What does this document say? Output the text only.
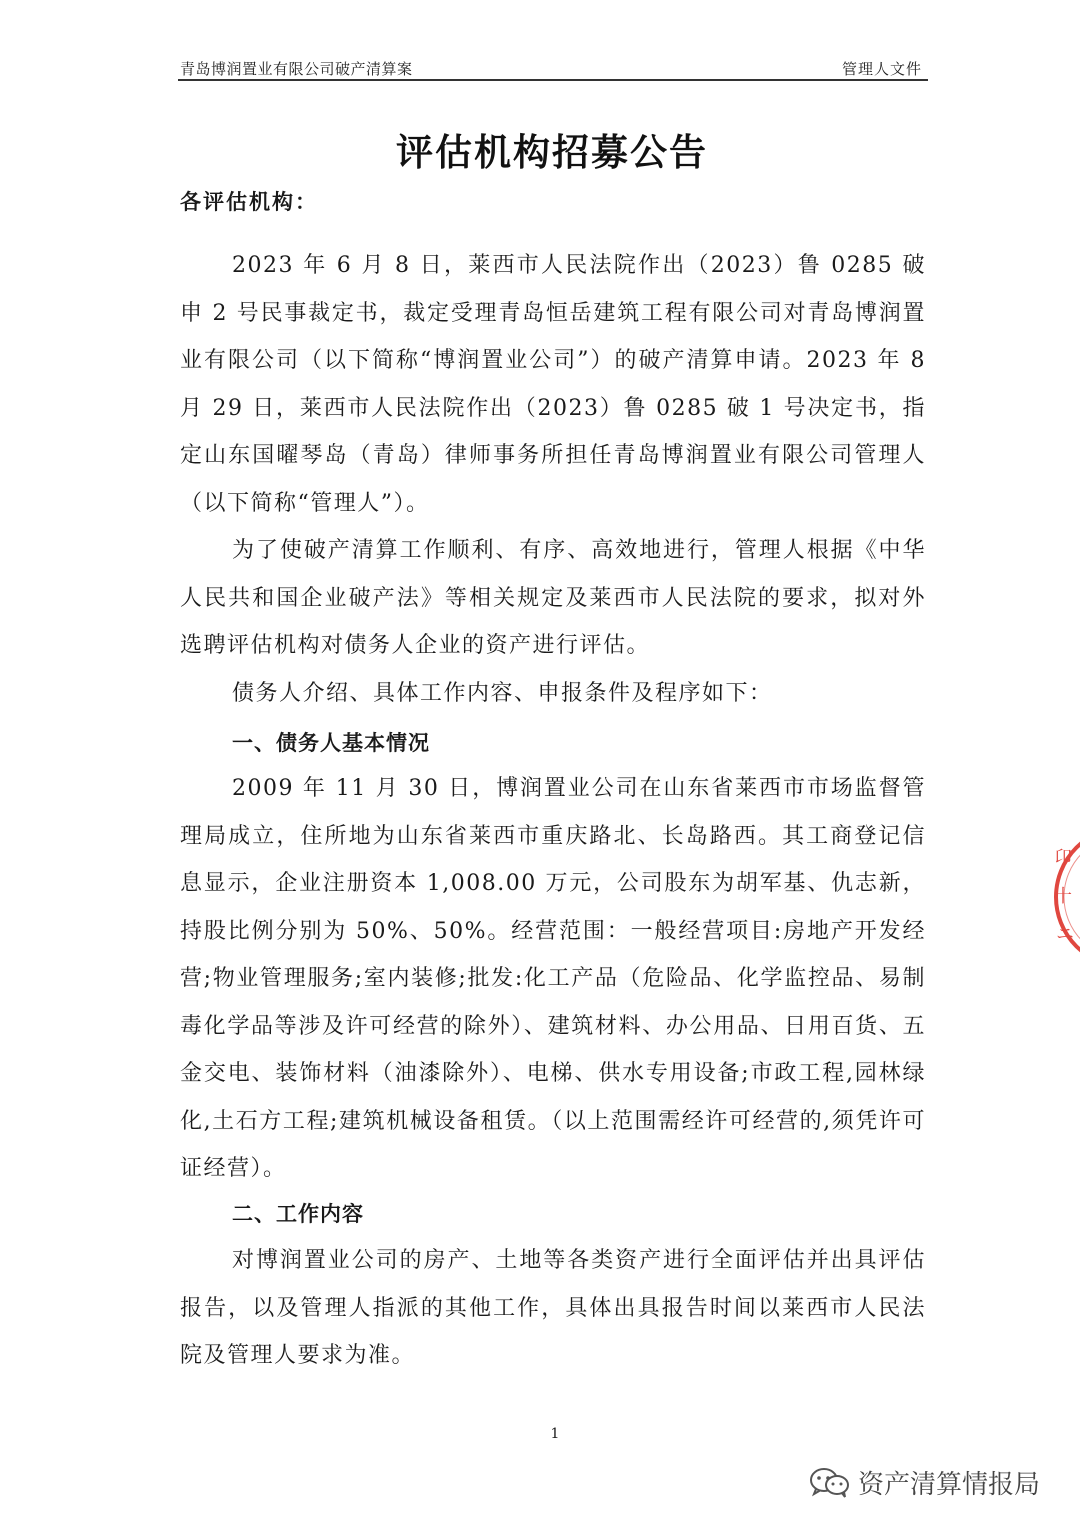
青岛博润置业有限公司破产清算案	管理人文件
评估机构招募公告
各评估机构：
2023 年 6 月 8 日，莱西市人民法院作出（2023）鲁 0285 破申 2 号民事裁定书，裁定受理青岛恒岳建筑工程有限公司对青岛博润置业有限公司（以下简称“博润置业公司”）的破产清算申请。2023 年 8 月 29 日，莱西市人民法院作出（2023）鲁 0285 破 1 号决定书，指定山东国曜琴岛（青岛）律师事务所担任青岛博润置业有限公司管理人（以下简称“管理人”）。
为了使破产清算工作顺利、有序、高效地进行，管理人根据《中华人民共和国企业破产法》等相关规定及莱西市人民法院的要求，拟对外选聘评估机构对债务人企业的资产进行评估。
债务人介绍、具体工作内容、申报条件及程序如下：
一、债务人基本情况
2009 年 11 月 30 日，博润置业公司在山东省莱西市市场监督管理局成立，住所地为山东省莱西市重庆路北、长岛路西。其工商登记信息显示，企业注册资本 1,008.00 万元，公司股东为胡军基、仇志新，持股比例分别为 50%、50%。经营范围：一般经营项目:房地产开发经营;物业管理服务;室内装修;批发:化工产品（危险品、化学监控品、易制毒化学品等涉及许可经营的除外）、建筑材料、办公用品、日用百货、五金交电、装饰材料（油漆除外）、电梯、供水专用设备;市政工程,园林绿化,土石方工程;建筑机械设备租赁。（以上范围需经许可经营的,须凭许可证经营）。
二、工作内容
对博润置业公司的房产、土地等各类资产进行全面评估并出具评估报告，以及管理人指派的其他工作，具体出具报告时间以莱西市人民法院及管理人要求为准。
1
卬
十
ニ
资产清算情报局
